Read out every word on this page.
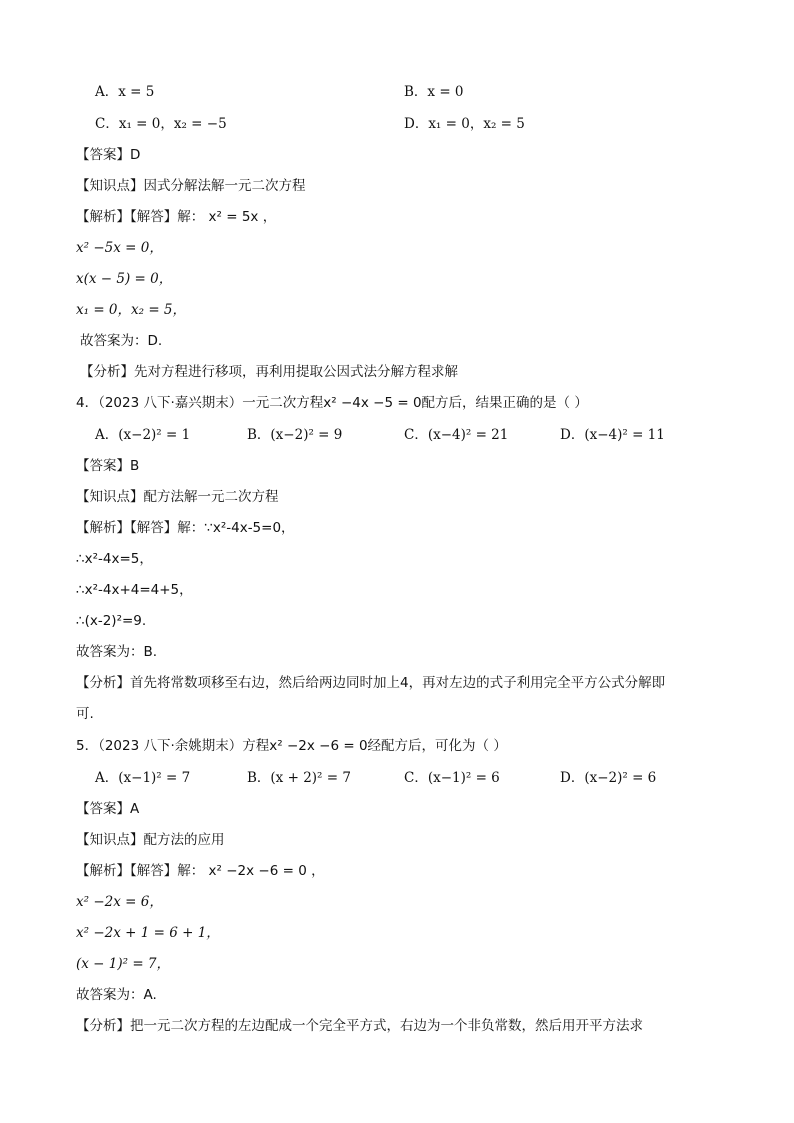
A．x = 5	B．x = 0
C．x₁ = 0，x₂ = −5	D．x₁ = 0，x₂ = 5
【答案】D
【知识点】因式分解法解一元二次方程
【解析】【解答】解： x² = 5x ，
x² −5x = 0，
x(x − 5) = 0，
x₁ = 0，x₂ = 5，
故答案为：D.
【分析】先对方程进行移项，再利用提取公因式法分解方程求解
4．（2023 八下·嘉兴期末）一元二次方程x² −4x −5 = 0配方后，结果正确的是（ ）
A．(x−2)² = 1	B．(x−2)² = 9	C．(x−4)² = 21	D．(x−4)² = 11
【答案】B
【知识点】配方法解一元二次方程
【解析】【解答】解：∵x²-4x-5=0，
∴x²-4x=5，
∴x²-4x+4=4+5，
∴(x-2)²=9.
故答案为：B.
【分析】首先将常数项移至右边，然后给两边同时加上4，再对左边的式子利用完全平方公式分解即
可.
5．（2023 八下·余姚期末）方程x² −2x −6 = 0经配方后，可化为（ ）
A．(x−1)² = 7	B．(x + 2)² = 7	C．(x−1)² = 6	D．(x−2)² = 6
【答案】A
【知识点】配方法的应用
【解析】【解答】解： x² −2x −6 = 0 ，
x² −2x = 6，
x² −2x + 1 = 6 + 1，
(x − 1)² = 7，
故答案为：A.
【分析】把一元二次方程的左边配成一个完全平方式，右边为一个非负常数，然后用开平方法求
